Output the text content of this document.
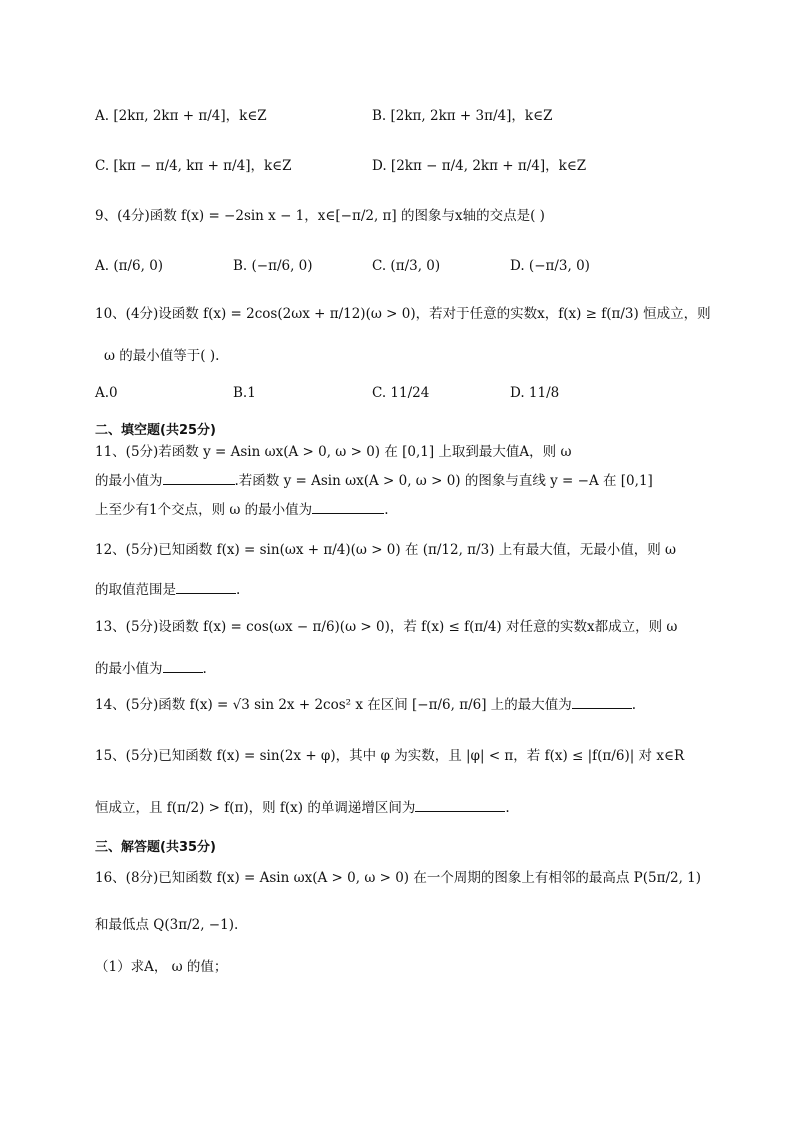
A. [2kπ, 2kπ + π/4]，k∈Z	B. [2kπ, 2kπ + 3π/4]，k∈Z
C. [kπ − π/4, kπ + π/4]，k∈Z	D. [2kπ − π/4, 2kπ + π/4]，k∈Z
9、(4分)函数 f(x) = −2sin x − 1，x∈[−π/2, π] 的图象与x轴的交点是( )
A. (π/6, 0)	B. (−π/6, 0)	C. (π/3, 0)	D. (−π/3, 0)
10、(4分)设函数 f(x) = 2cos(2ωx + π/12)(ω > 0)，若对于任意的实数x，f(x) ≥ f(π/3) 恒成立，则
ω 的最小值等于( ).
A.0	B.1	C. 11/24	D. 11/8
二、填空题(共25分)
11、(5分)若函数 y = Asin ωx(A > 0, ω > 0) 在 [0,1] 上取到最大值A，则 ω
的最小值为	.若函数 y = Asin ωx(A > 0, ω > 0) 的图象与直线 y = −A 在 [0,1]
上至少有1个交点，则 ω 的最小值为	.
12、(5分)已知函数 f(x) = sin(ωx + π/4)(ω > 0) 在 (π/12, π/3) 上有最大值，无最小值，则 ω
的取值范围是	.
13、(5分)设函数 f(x) = cos(ωx − π/6)(ω > 0)，若 f(x) ≤ f(π/4) 对任意的实数x都成立，则 ω
的最小值为	.
14、(5分)函数 f(x) = √3 sin 2x + 2cos² x 在区间 [−π/6, π/6] 上的最大值为	.
15、(5分)已知函数 f(x) = sin(2x + φ)，其中 φ 为实数，且 |φ| < π，若 f(x) ≤ |f(π/6)| 对 x∈R
恒成立，且 f(π/2) > f(π)，则 f(x) 的单调递增区间为	.
三、解答题(共35分)
16、(8分)已知函数 f(x) = Asin ωx(A > 0, ω > 0) 在一个周期的图象上有相邻的最高点 P(5π/2, 1)
和最低点 Q(3π/2, −1).
（1）求A， ω 的值；
